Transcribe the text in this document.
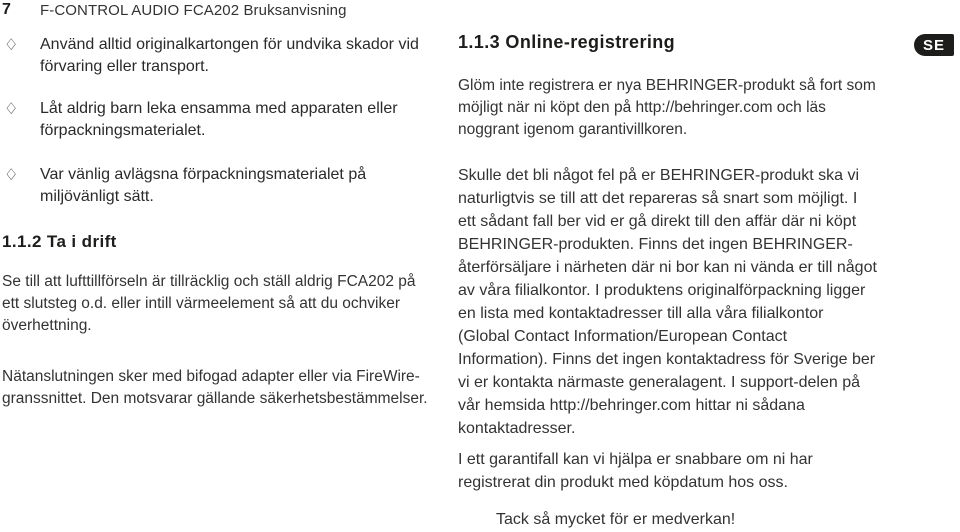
7 F-CONTROL AUDIO FCA202 Bruksanvisning
♢ Använd alltid originalkartongen för undvika skador vid förvaring eller transport.
♢ Låt aldrig barn leka ensamma med apparaten eller förpackningsmaterialet.
♢ Var vänlig avlägsna förpackningsmaterialet på miljövänligt sätt.
1.1.2 Ta i drift
Se till att lufttillförseln är tillräcklig och ställ aldrig FCA202 på ett slutsteg o.d. eller intill värmeelement så att du ochviker överhettning.
Nätanslutningen sker med bifogad adapter eller via FireWire-granssnittet. Den motsvarar gällande säkerhetsbestämmelser.
1.1.3 Online-registrering
Glöm inte registrera er nya BEHRINGER-produkt så fort som möjligt när ni köpt den på http://behringer.com och läs noggrant igenom garantivillkoren.
Skulle det bli något fel på er BEHRINGER-produkt ska vi naturligtvis se till att det repareras så snart som möjligt. I ett sådant fall ber vid er gå direkt till den affär där ni köpt BEHRINGER-produkten. Finns det ingen BEHRINGER-återförsäljare i närheten där ni bor kan ni vända er till något av våra filialkontor. I produktens originalförpackning ligger en lista med kontaktadresser till alla våra filialkontor (Global Contact Information/European Contact Information). Finns det ingen kontaktadress för Sverige ber vi er kontakta närmaste generalagent. I support-delen på vår hemsida http://behringer.com hittar ni sådana kontaktadresser.
I ett garantifall kan vi hjälpa er snabbare om ni har registrerat din produkt med köpdatum hos oss.
Tack så mycket för er medverkan!
SE
